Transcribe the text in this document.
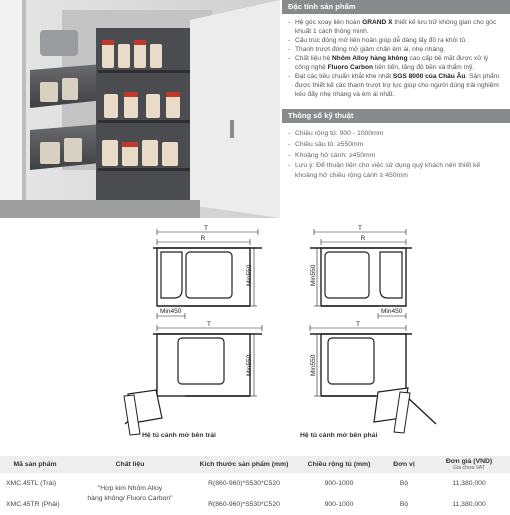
Đặc tính sản phẩm
- Hệ góc xoay liên hoàn GRAND X thiết kế lưu trữ không gian cho góc khuất 1 cách thông minh.
- Cấu trúc đóng mở liên hoàn giúp dễ dàng lấy đồ ra khỏi tủ.
- Thanh trượt đóng mở giảm chấn êm ái, nhẹ nhàng.
- Chất liệu hệ Nhôm Alloy hàng không cao cấp bề mặt được xử lý công nghệ Fluoro Carbon tiên tiến, tăng độ bền và thẩm mỹ.
- Đạt các tiêu chuẩn khắt khe nhất SGS 8000 của Châu Âu. Sản phẩm được thiết kế các thanh trượt trợ lực giúp cho người dùng trải nghiệm kéo đẩy nhẹ nhàng và êm ái nhất.
Thông số kỹ thuật
- Chiều rộng tủ: 900 - 1000mm
- Chiều sâu tủ: ≥550mm
- Khoảng hở cánh: ≥450mm
- Lưu ý: Để thuận tiện cho việc sử dụng quý khách nên thiết kế khoảng hở chiều rộng cánh ≥ 450mm
T
R
T
R
T	T
Min450	Min450
Min550	Min550
Min550	Min550
Hệ tủ cánh mở bên trái	Hệ tủ cánh mở bên phải
Mã sản phẩm	Chất liệu	Kích thước sản phẩm (mm)	Chiều rộng tủ (mm)	Đơn vị	Đơn giá (VND)
Giá chưa VAT

XMC.45TL (Trái)	"Hợp kim Nhôm Alloy
hàng không/ Fluoro Carbon"	R(860-960)*S530*C520	900-1000	Bộ	11,380,000
XMC.45TR (Phải)		R(860-960)*S530*C520	900-1000	Bộ	11,380,000
